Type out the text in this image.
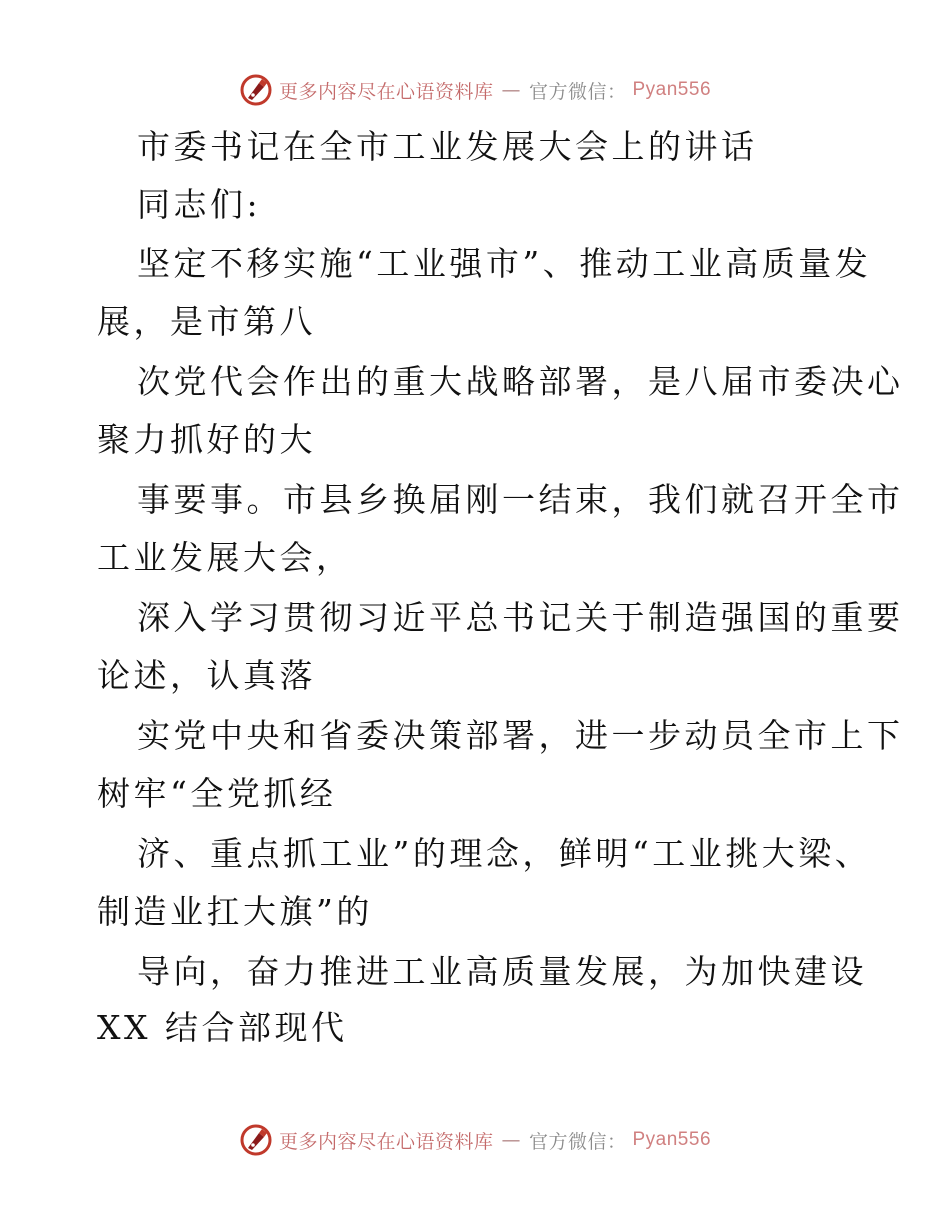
更多内容尽在心语资料库 — 官方微信： Pyan556
市委书记在全市工业发展大会上的讲话
同志们:
坚定不移实施“工业强市”、推动工业高质量发
展，是市第八
次党代会作出的重大战略部署，是八届市委决心
聚力抓好的大
事要事。市县乡换届刚一结束，我们就召开全市
工业发展大会，
深入学习贯彻习近平总书记关于制造强国的重要
论述，认真落
实党中央和省委决策部署，进一步动员全市上下
树牢“全党抓经
济、重点抓工业”的理念，鲜明“工业挑大梁、
制造业扛大旗”的
导向，奋力推进工业高质量发展，为加快建设
XX 结合部现代
更多内容尽在心语资料库 — 官方微信： Pyan556
